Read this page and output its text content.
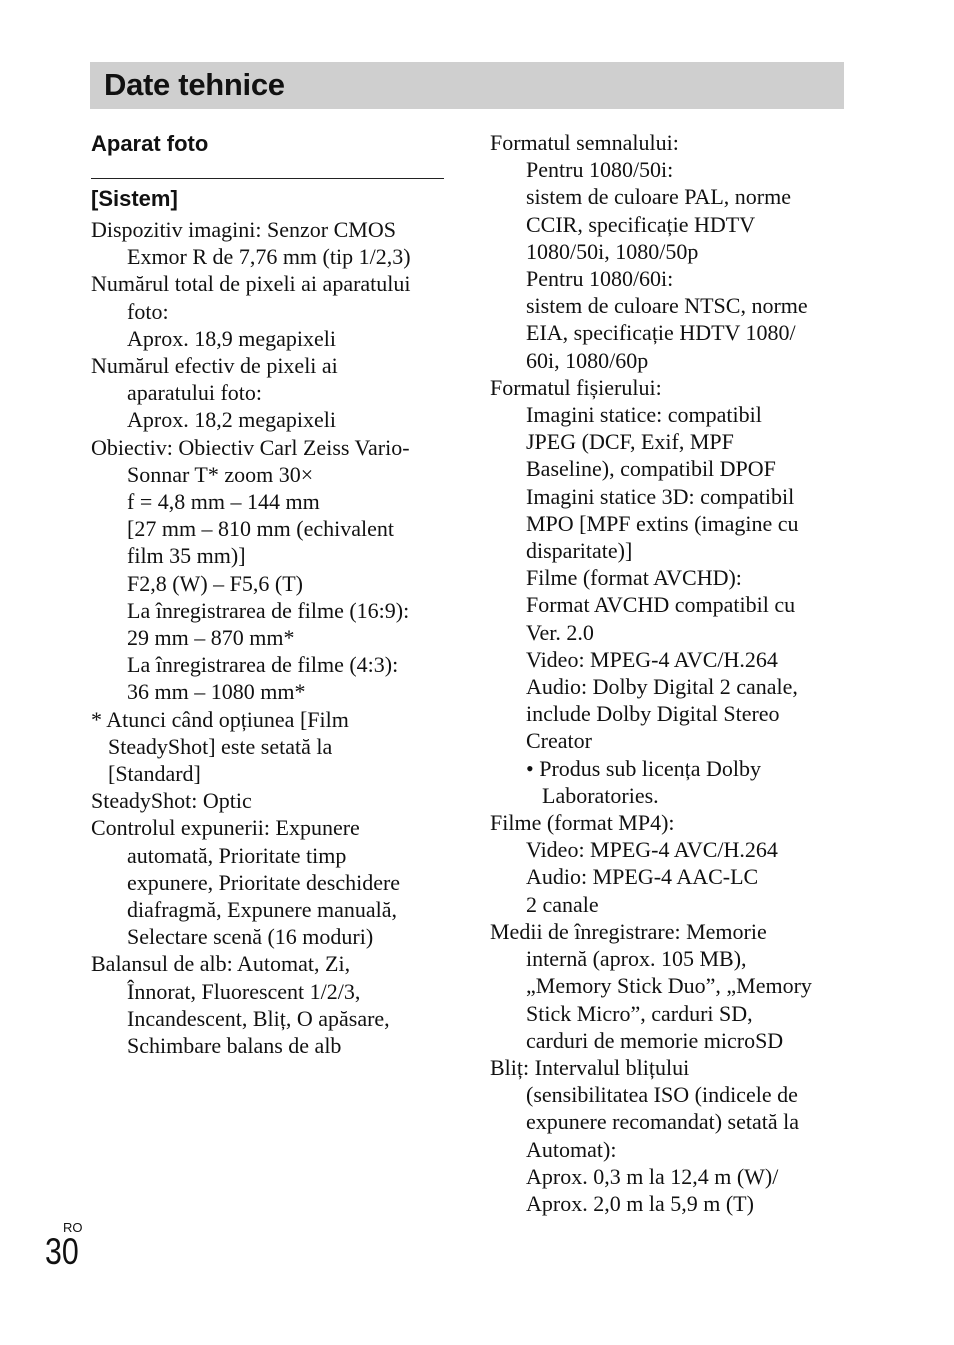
Date tehnice
Aparat foto
[Sistem]
Dispozitiv imagini: Senzor CMOS
Exmor R de 7,76 mm (tip 1/2,3)
Numărul total de pixeli ai aparatului
foto:
Aprox. 18,9 megapixeli
Numărul efectiv de pixeli ai
aparatului foto:
Aprox. 18,2 megapixeli
Obiectiv: Obiectiv Carl Zeiss Vario-
Sonnar T* zoom 30×
f = 4,8 mm – 144 mm
[27 mm – 810 mm (echivalent
film 35 mm)]
F2,8 (W) – F5,6 (T)
La înregistrarea de filme (16:9):
29 mm – 870 mm*
La înregistrarea de filme (4:3):
36 mm – 1080 mm*
* Atunci când opțiunea [Film
SteadyShot] este setată la
[Standard]
SteadyShot: Optic
Controlul expunerii: Expunere
automată, Prioritate timp
expunere, Prioritate deschidere
diafragmă, Expunere manuală,
Selectare scenă (16 moduri)
Balansul de alb: Automat, Zi,
Înnorat, Fluorescent 1/2/3,
Incandescent, Bliț, O apăsare,
Schimbare balans de alb
Formatul semnalului:
Pentru 1080/50i:
sistem de culoare PAL, norme
CCIR, specificație HDTV
1080/50i, 1080/50p
Pentru 1080/60i:
sistem de culoare NTSC, norme
EIA, specificație HDTV 1080/
60i, 1080/60p
Formatul fișierului:
Imagini statice: compatibil
JPEG (DCF, Exif, MPF
Baseline), compatibil DPOF
Imagini statice 3D: compatibil
MPO [MPF extins (imagine cu
disparitate)]
Filme (format AVCHD):
Format AVCHD compatibil cu
Ver. 2.0
Video: MPEG-4 AVC/H.264
Audio: Dolby Digital 2 canale,
include Dolby Digital Stereo
Creator
• Produs sub licența Dolby
Laboratories.
Filme (format MP4):
Video: MPEG-4 AVC/H.264
Audio: MPEG-4 AAC-LC
2 canale
Medii de înregistrare: Memorie
internă (aprox. 105 MB),
„Memory Stick Duo”, „Memory
Stick Micro”, carduri SD,
carduri de memorie microSD
Bliț: Intervalul blițului
(sensibilitatea ISO (indicele de
expunere recomandat) setată la
Automat):
Aprox. 0,3 m la 12,4 m (W)/
Aprox. 2,0 m la 5,9 m (T)
RO
30
